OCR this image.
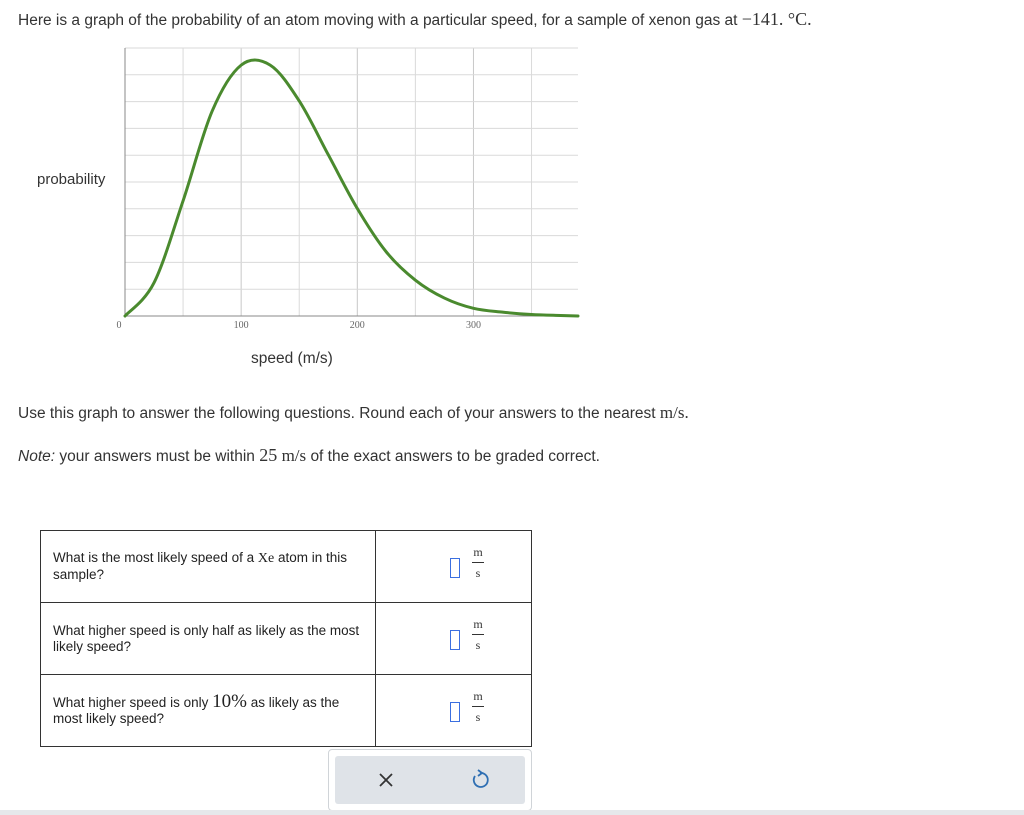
Here is a graph of the probability of an atom moving with a particular speed, for a sample of xenon gas at −141. °C.
0	100	200	300
probability
speed (m/s)
Use this graph to answer the following questions. Round each of your answers to the nearest m/s.
Note: your answers must be within 25 m/s of the exact answers to be graded correct.
What is the most likely speed of a Xe atom in this sample?	m
s

What higher speed is only half as likely as the most likely speed?	m
s

What higher speed is only 10% as likely as the most likely speed?	m
s
